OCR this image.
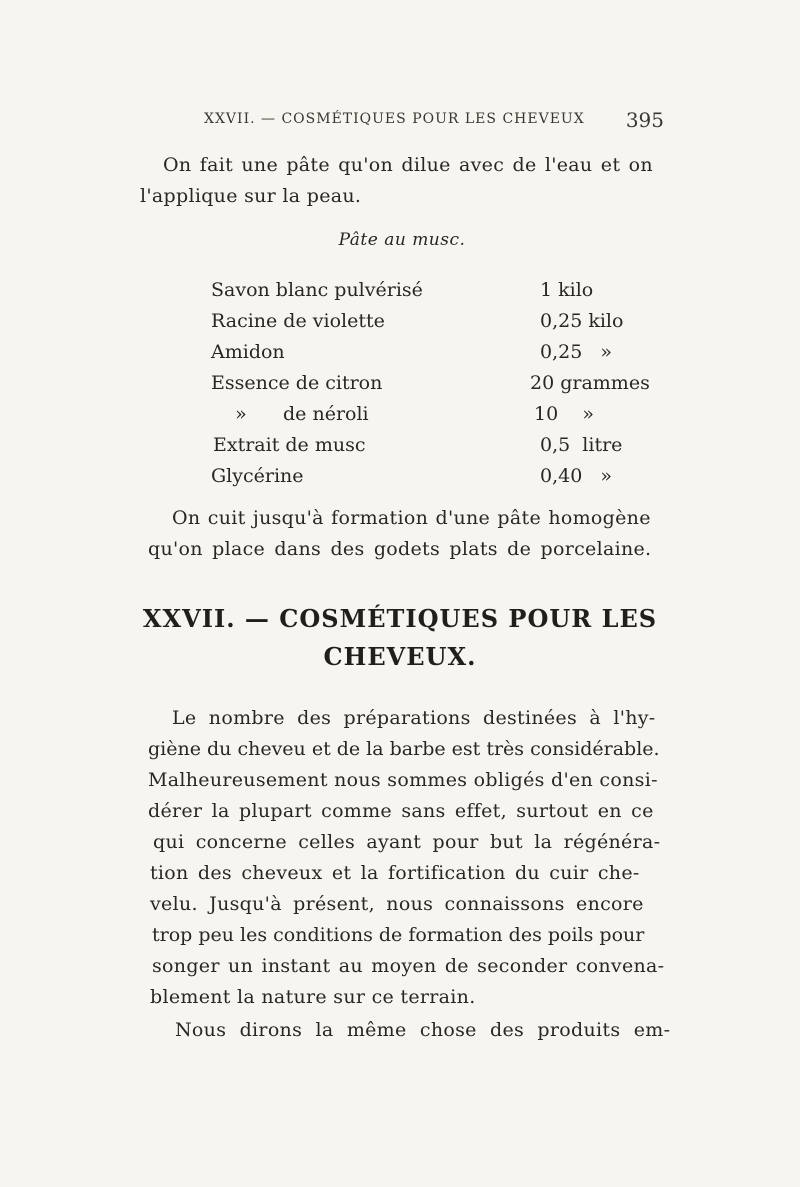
XXVII. — COSMÉTIQUES POUR LES CHEVEUX 395
On fait une pâte qu'on dilue avec de l'eau et on
l'applique sur la peau.
Pâte au musc.
Savon blanc pulvérisé	1 kilo
Racine de violette	0,25 kilo
Amidon	0,25   »
Essence de citron	20 grammes
»      de néroli	10    »
Extrait de musc	0,5  litre
Glycérine	0,40   »
On cuit jusqu'à formation d'une pâte homogène
qu'on place dans des godets plats de porcelaine.
XXVII. — COSMÉTIQUES POUR LES
CHEVEUX.
Le nombre des préparations destinées à l'hy-
giène du cheveu et de la barbe est très considérable.
Malheureusement nous sommes obligés d'en consi-
dérer la plupart comme sans effet, surtout en ce
qui concerne celles ayant pour but la régénéra-
tion des cheveux et la fortification du cuir che-
velu. Jusqu'à présent, nous connaissons encore
trop peu les conditions de formation des poils pour
songer un instant au moyen de seconder convena-
blement la nature sur ce terrain.
Nous dirons la même chose des produits em-
